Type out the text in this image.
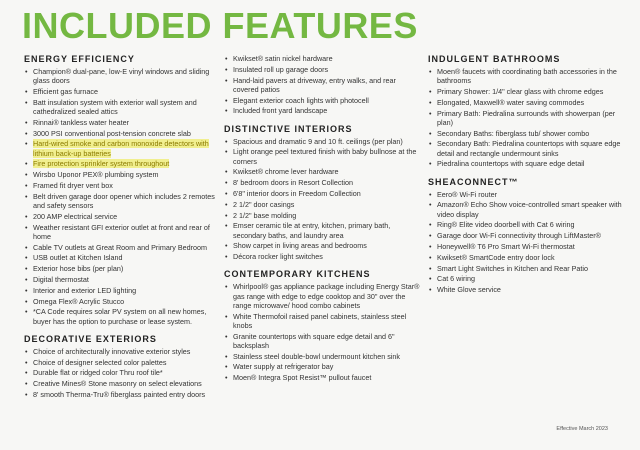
INCLUDED FEATURES
ENERGY EFFICIENCY
• Champion® dual-pane, low-E vinyl windows and sliding glass doors
• Efficient gas furnace
• Batt insulation system with exterior wall system and cathedralized sealed attics
• Rinnai® tankless water heater
• 3000 PSI conventional post-tension concrete slab
• Hard-wired smoke and carbon monoxide detectors with lithium back-up batteries
• Fire protection sprinkler system throughout
• Wirsbo Uponor PEX® plumbing system
• Framed fit dryer vent box
• Belt driven garage door opener which includes 2 remotes and safety sensors
• 200 AMP electrical service
• Weather resistant GFI exterior outlet at front and rear of home
• Cable TV outlets at Great Room and Primary Bedroom
• USB outlet at Kitchen Island
• Exterior hose bibs (per plan)
• Digital thermostat
• Interior and exterior LED lighting
• Omega Flex® Acrylic Stucco
• *CA Code requires solar PV system on all new homes, buyer has the option to purchase or lease system.
DECORATIVE EXTERIORS
• Choice of architecturally innovative exterior styles
• Choice of designer selected color palettes
• Durable flat or ridged color Thru roof tile*
• Creative Mines® Stone masonry on select elevations
• 8' smooth Therma-Tru® fiberglass painted entry doors
• Kwikset® satin nickel hardware
• Insulated roll up garage doors
• Hand-laid pavers at driveway, entry walks, and rear covered patios
• Elegant exterior coach lights with photocell
• Included front yard landscape
DISTINCTIVE INTERIORS
• Spacious and dramatic 9 and 10 ft. ceilings (per plan)
• Light orange peel textured finish with baby bullnose at the corners
• Kwikset® chrome lever hardware
• 8' bedroom doors in Resort Collection
• 6'8" interior doors in Freedom Collection
• 2 1/2" door casings
• 2 1/2" base molding
• Emser ceramic tile at entry, kitchen, primary bath, secondary baths, and laundry area
• Show carpet in living areas and bedrooms
• Décora rocker light switches
CONTEMPORARY KITCHENS
• Whirlpool® gas appliance package including Energy Star® gas range with edge to edge cooktop and 30" over the range microwave/ hood combo cabinets
• White Thermofoil raised panel cabinets, stainless steel knobs
• Granite countertops with square edge detail and 6" backsplash
• Stainless steel double-bowl undermount kitchen sink
• Water supply at refrigerator bay
• Moen® Integra Spot Resist™ pullout faucet
INDULGENT BATHROOMS
• Moen® faucets with coordinating bath accessories in the bathrooms
• Primary Shower: 1/4" clear glass with chrome edges
• Elongated, Maxwell® water saving commodes
• Primary Bath: Piedralina surrounds with showerpan (per plan)
• Secondary Baths: fiberglass tub/ shower combo
• Secondary Bath: Piedralina countertops with square edge detail and rectangle undermount sinks
• Piedralina countertops with square edge detail
SHEACONNECT™
• Eero® Wi-Fi router
• Amazon® Echo Show voice-controlled smart speaker with video display
• Ring® Elite video doorbell with Cat 6 wiring
• Garage door Wi-Fi connectivity through LiftMaster®
• Honeywell® T6 Pro Smart Wi-Fi thermostat
• Kwikset® SmartCode entry door lock
• Smart Light Switches in Kitchen and Rear Patio
• Cat 6 wiring
• White Glove service
Effective March 2023
